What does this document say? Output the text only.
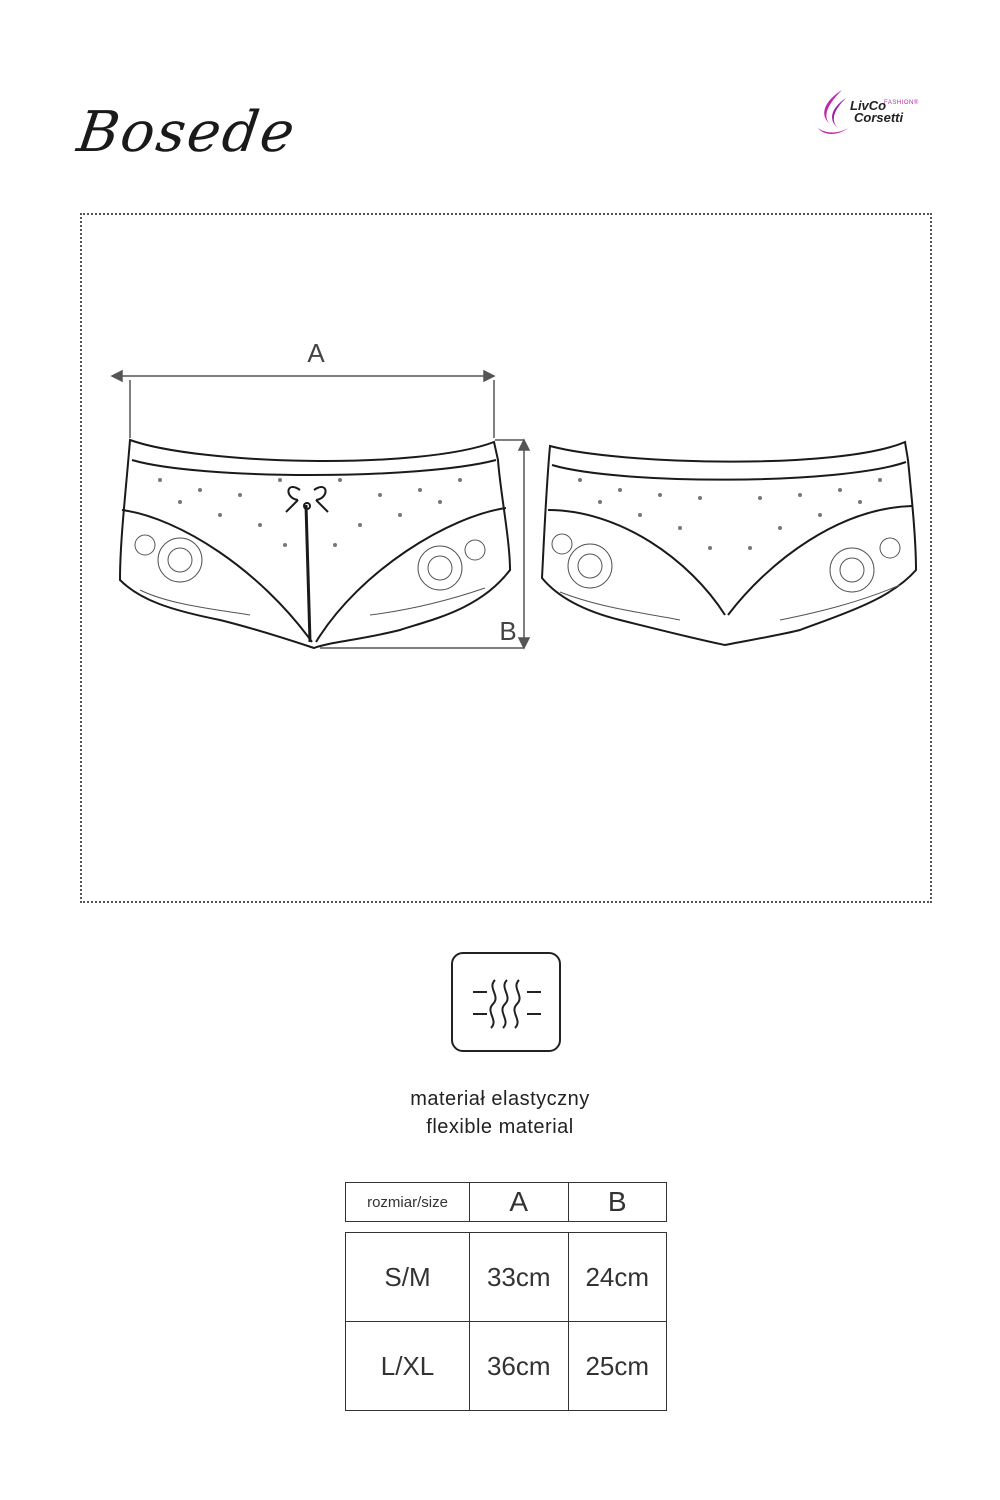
Bosede	LivCo
FASHION®
Corsetti
A
B
materiał elastyczny
flexible material
rozmiar/size	A	B

S/M	33cm	24cm
L/XL	36cm	25cm
